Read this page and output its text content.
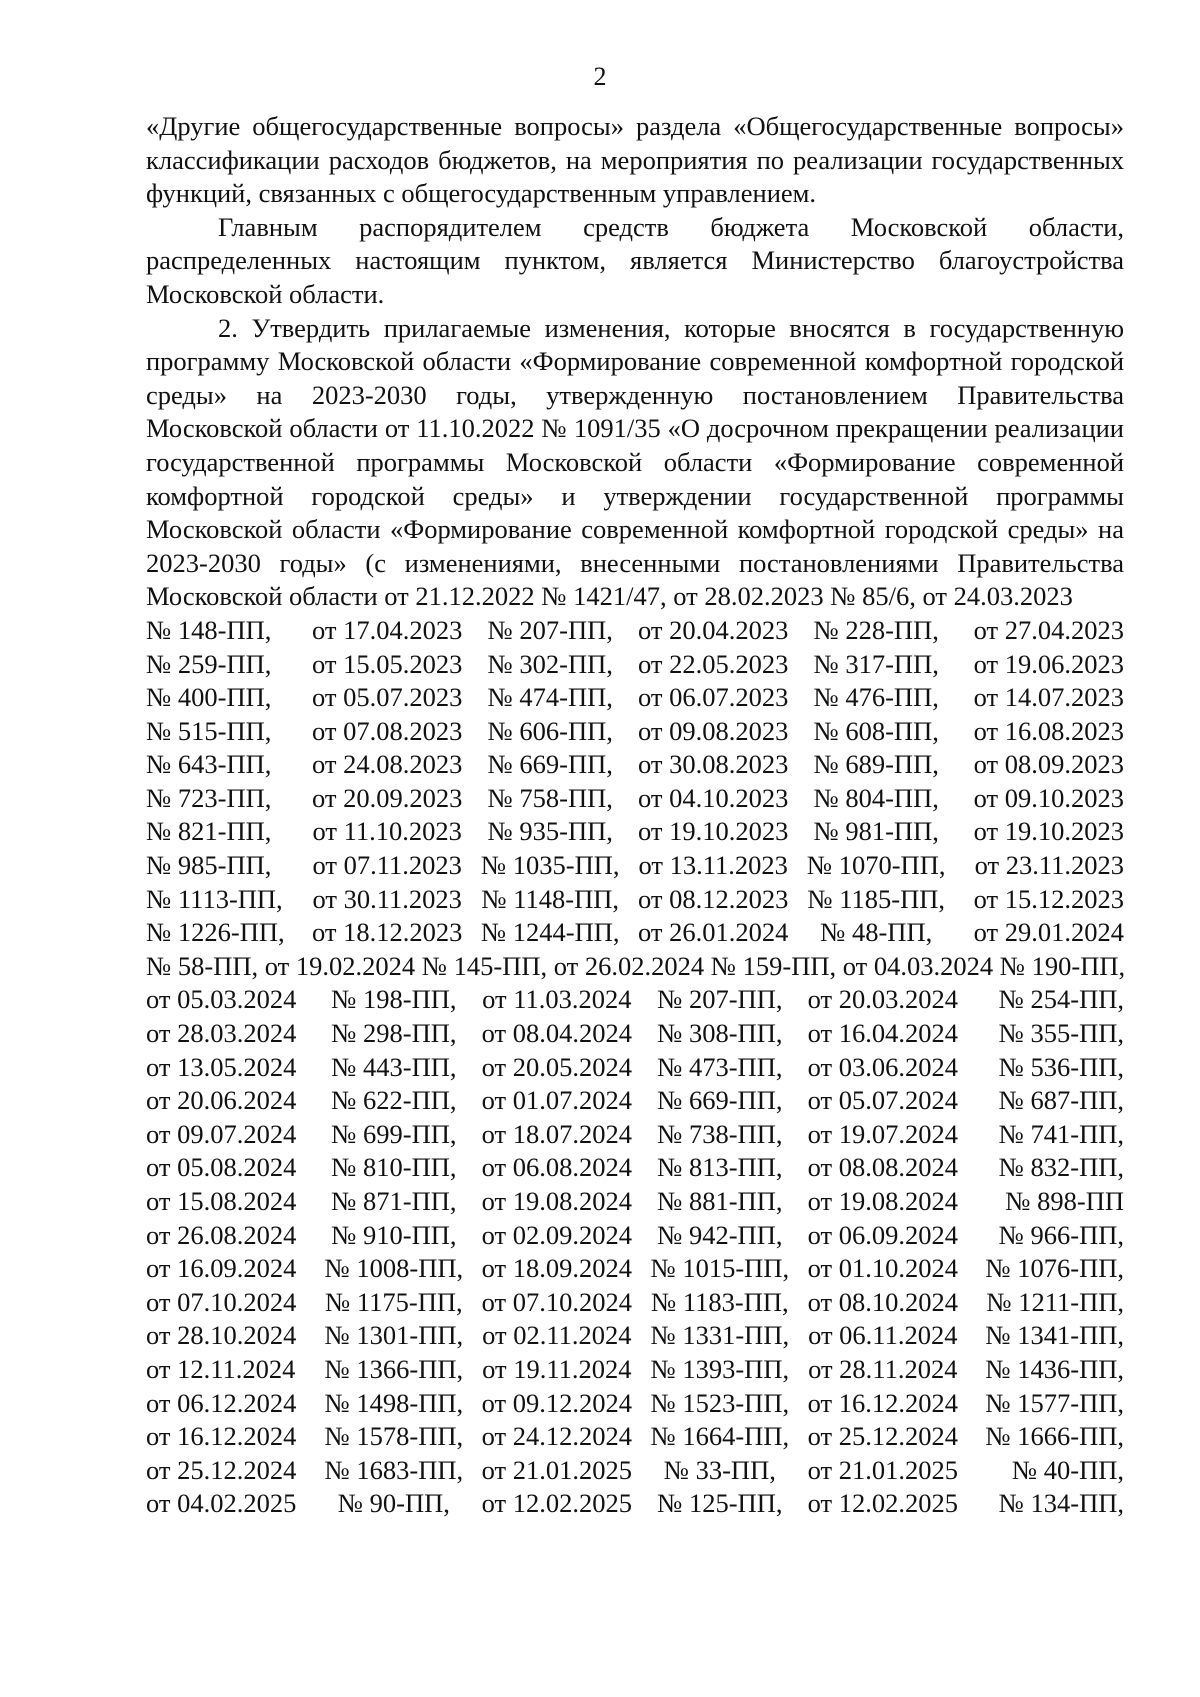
2

«Другие общегосударственные вопросы» раздела «Общегосударственные вопросы» классификации расходов бюджетов, на мероприятия по реализации государственных функций, связанных с общегосударственным управлением.

Главным распорядителем средств бюджета Московской области, распределенных настоящим пунктом, является Министерство благоустройства Московской области.

2. Утвердить прилагаемые изменения, которые вносятся в государственную программу Московской области «Формирование современной комфортной городской среды» на 2023-2030 годы, утвержденную постановлением Правительства Московской области от 11.10.2022 № 1091/35 «О досрочном прекращении реализации государственной программы Московской области «Формирование современной комфортной городской среды» и утверждении государственной программы Московской области «Формирование современной комфортной городской среды» на 2023-2030 годы» (с изменениями, внесенными постановлениями Правительства Московской области от 21.12.2022 № 1421/47, от 28.02.2023 № 85/6, от 24.03.2023

№ 148-ПП,	от 17.04.2023	№ 207-ПП,	от 20.04.2023	№ 228-ПП,	от 27.04.2023
№ 259-ПП,	от 15.05.2023	№ 302-ПП,	от 22.05.2023	№ 317-ПП,	от 19.06.2023
№ 400-ПП,	от 05.07.2023	№ 474-ПП,	от 06.07.2023	№ 476-ПП,	от 14.07.2023
№ 515-ПП,	от 07.08.2023	№ 606-ПП,	от 09.08.2023	№ 608-ПП,	от 16.08.2023
№ 643-ПП,	от 24.08.2023	№ 669-ПП,	от 30.08.2023	№ 689-ПП,	от 08.09.2023
№ 723-ПП,	от 20.09.2023	№ 758-ПП,	от 04.10.2023	№ 804-ПП,	от 09.10.2023
№ 821-ПП,	от 11.10.2023	№ 935-ПП,	от 19.10.2023	№ 981-ПП,	от 19.10.2023
№ 985-ПП,	от 07.11.2023	№ 1035-ПП,	от 13.11.2023	№ 1070-ПП,	от 23.11.2023
№ 1113-ПП,	от 30.11.2023	№ 1148-ПП,	от 08.12.2023	№ 1185-ПП,	от 15.12.2023
№ 1226-ПП,	от 18.12.2023	№ 1244-ПП,	от 26.01.2024	№ 48-ПП,	от 29.01.2024
№ 58-ПП, от 19.02.2024 № 145-ПП, от 26.02.2024 № 159-ПП, от 04.03.2024 № 190-ПП,
от 05.03.2024	№ 198-ПП,	от 11.03.2024	№ 207-ПП,	от 20.03.2024	№ 254-ПП,
от 28.03.2024	№ 298-ПП,	от 08.04.2024	№ 308-ПП,	от 16.04.2024	№ 355-ПП,
от 13.05.2024	№ 443-ПП,	от 20.05.2024	№ 473-ПП,	от 03.06.2024	№ 536-ПП,
от 20.06.2024	№ 622-ПП,	от 01.07.2024	№ 669-ПП,	от 05.07.2024	№ 687-ПП,
от 09.07.2024	№ 699-ПП,	от 18.07.2024	№ 738-ПП,	от 19.07.2024	№ 741-ПП,
от 05.08.2024	№ 810-ПП,	от 06.08.2024	№ 813-ПП,	от 08.08.2024	№ 832-ПП,
от 15.08.2024	№ 871-ПП,	от 19.08.2024	№ 881-ПП,	от 19.08.2024	№ 898-ПП
от 26.08.2024	№ 910-ПП,	от 02.09.2024	№ 942-ПП,	от 06.09.2024	№ 966-ПП,
от 16.09.2024	№ 1008-ПП,	от 18.09.2024	№ 1015-ПП,	от 01.10.2024	№ 1076-ПП,
от 07.10.2024	№ 1175-ПП,	от 07.10.2024	№ 1183-ПП,	от 08.10.2024	№ 1211-ПП,
от 28.10.2024	№ 1301-ПП,	от 02.11.2024	№ 1331-ПП,	от 06.11.2024	№ 1341-ПП,
от 12.11.2024	№ 1366-ПП,	от 19.11.2024	№ 1393-ПП,	от 28.11.2024	№ 1436-ПП,
от 06.12.2024	№ 1498-ПП,	от 09.12.2024	№ 1523-ПП,	от 16.12.2024	№ 1577-ПП,
от 16.12.2024	№ 1578-ПП,	от 24.12.2024	№ 1664-ПП,	от 25.12.2024	№ 1666-ПП,
от 25.12.2024	№ 1683-ПП,	от 21.01.2025	№ 33-ПП,	от 21.01.2025	№ 40-ПП,
от 04.02.2025	№ 90-ПП,	от 12.02.2025	№ 125-ПП,	от 12.02.2025	№ 134-ПП,
